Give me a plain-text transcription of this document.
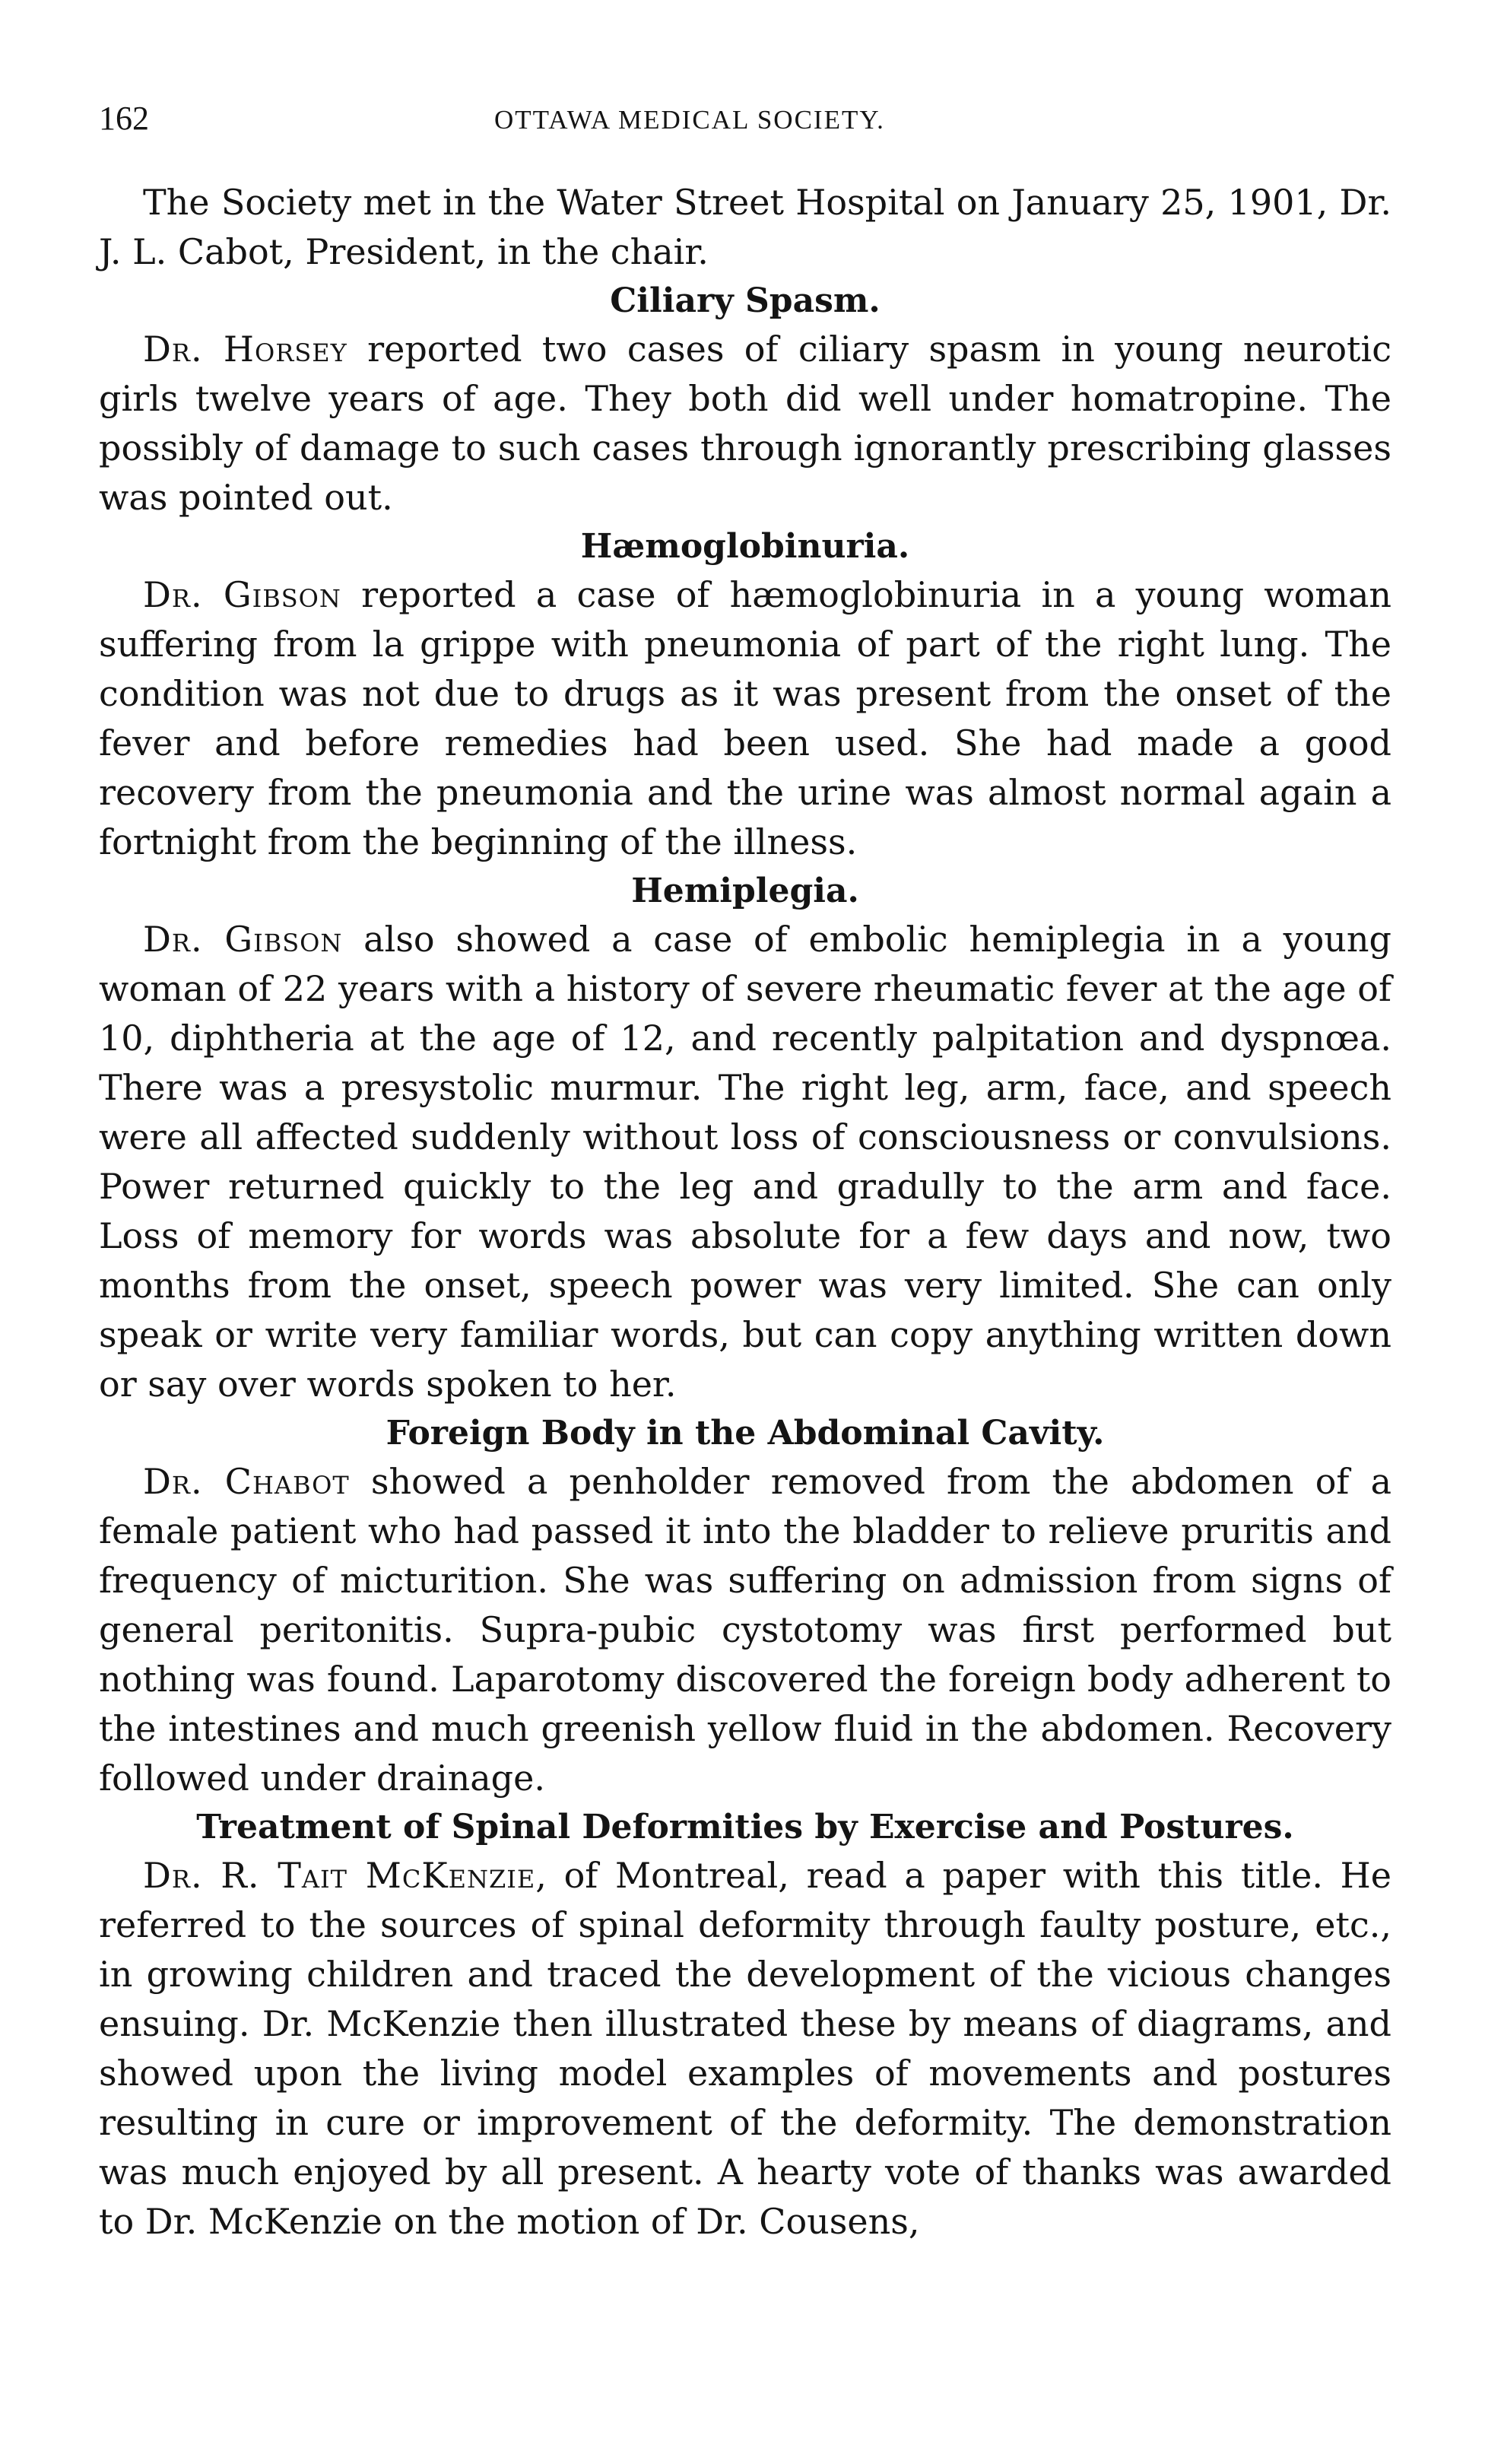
162	OTTAWA MEDICAL SOCIETY.

The Society met in the Water Street Hospital on January 25, 1901, Dr. J. L. Cabot, President, in the chair.

Ciliary Spasm.

Dr. Horsey reported two cases of ciliary spasm in young neurotic girls twelve years of age. They both did well under homatropine. The possibly of damage to such cases through ignorantly prescribing glasses was pointed out.

Hæmoglobinuria.

Dr. Gibson reported a case of hæmoglobinuria in a young woman suffering from la grippe with pneumonia of part of the right lung. The condition was not due to drugs as it was present from the onset of the fever and before remedies had been used. She had made a good recovery from the pneumonia and the urine was almost normal again a fortnight from the beginning of the illness.

Hemiplegia.

Dr. Gibson also showed a case of embolic hemiplegia in a young woman of 22 years with a history of severe rheumatic fever at the age of 10, diphtheria at the age of 12, and recently palpitation and dyspnœa. There was a presystolic murmur. The right leg, arm, face, and speech were all affected suddenly without loss of consciousness or convulsions. Power returned quickly to the leg and gradully to the arm and face. Loss of memory for words was absolute for a few days and now, two months from the onset, speech power was very limited. She can only speak or write very familiar words, but can copy anything written down or say over words spoken to her.

Foreign Body in the Abdominal Cavity.

Dr. Chabot showed a penholder removed from the abdomen of a female patient who had passed it into the bladder to relieve pruritis and frequency of micturition. She was suffering on admission from signs of general peritonitis. Supra-pubic cystotomy was first performed but nothing was found. Laparotomy discovered the foreign body adherent to the intestines and much greenish yellow fluid in the abdomen. Recovery followed under drainage.

Treatment of Spinal Deformities by Exercise and Postures.

Dr. R. Tait McKenzie, of Montreal, read a paper with this title. He referred to the sources of spinal deformity through faulty posture, etc., in growing children and traced the development of the vicious changes ensuing. Dr. McKenzie then illustrated these by means of diagrams, and showed upon the living model examples of movements and postures resulting in cure or improvement of the deformity. The demonstration was much enjoyed by all present. A hearty vote of thanks was awarded to Dr. McKenzie on the motion of Dr. Cousens,
